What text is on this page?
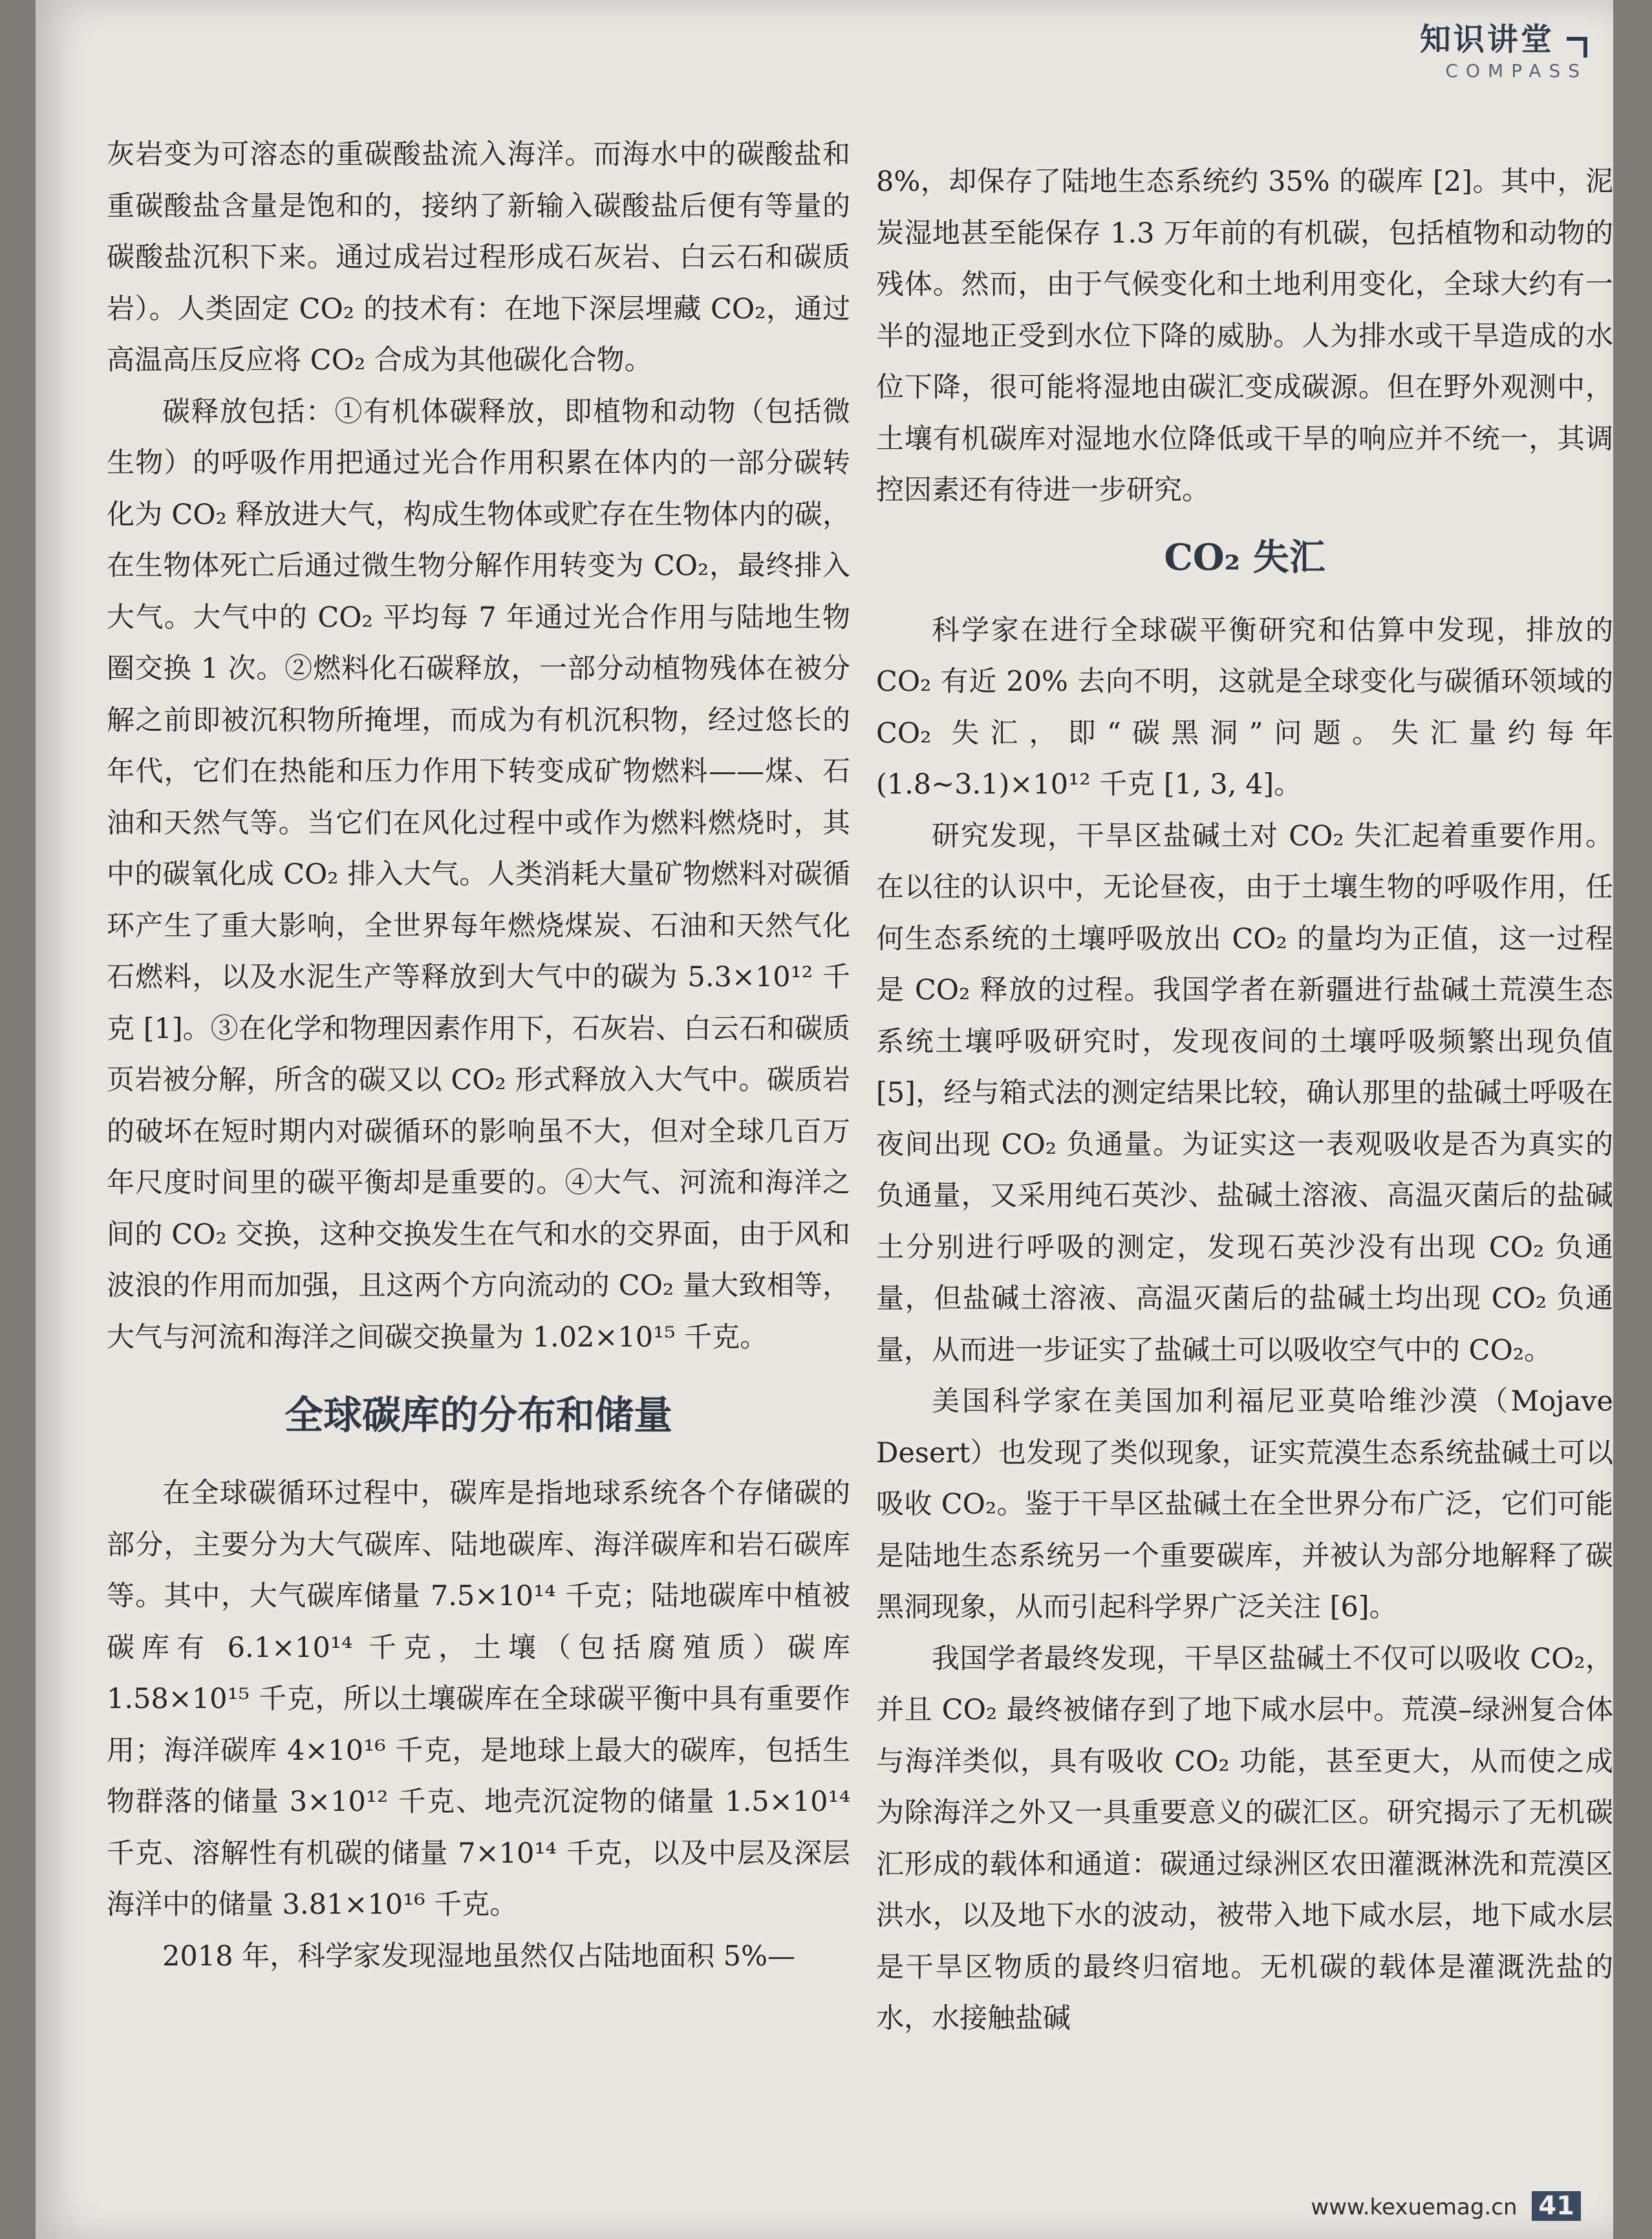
知识讲堂
COMPASS

灰岩变为可溶态的重碳酸盐流入海洋。而海水中的碳酸盐和重碳酸盐含量是饱和的，接纳了新输入碳酸盐后便有等量的碳酸盐沉积下来。通过成岩过程形成石灰岩、白云石和碳质岩）。人类固定 CO₂ 的技术有：在地下深层埋藏 CO₂，通过高温高压反应将 CO₂ 合成为其他碳化合物。

碳释放包括：①有机体碳释放，即植物和动物（包括微生物）的呼吸作用把通过光合作用积累在体内的一部分碳转化为 CO₂ 释放进大气，构成生物体或贮存在生物体内的碳，在生物体死亡后通过微生物分解作用转变为 CO₂，最终排入大气。大气中的 CO₂ 平均每 7 年通过光合作用与陆地生物圈交换 1 次。②燃料化石碳释放，一部分动植物残体在被分解之前即被沉积物所掩埋，而成为有机沉积物，经过悠长的年代，它们在热能和压力作用下转变成矿物燃料——煤、石油和天然气等。当它们在风化过程中或作为燃料燃烧时，其中的碳氧化成 CO₂ 排入大气。人类消耗大量矿物燃料对碳循环产生了重大影响，全世界每年燃烧煤炭、石油和天然气化石燃料，以及水泥生产等释放到大气中的碳为 5.3×10¹² 千克 [1]。③在化学和物理因素作用下，石灰岩、白云石和碳质页岩被分解，所含的碳又以 CO₂ 形式释放入大气中。碳质岩的破坏在短时期内对碳循环的影响虽不大，但对全球几百万年尺度时间里的碳平衡却是重要的。④大气、河流和海洋之间的 CO₂ 交换，这种交换发生在气和水的交界面，由于风和波浪的作用而加强，且这两个方向流动的 CO₂ 量大致相等，大气与河流和海洋之间碳交换量为 1.02×10¹⁵ 千克。

全球碳库的分布和储量

在全球碳循环过程中，碳库是指地球系统各个存储碳的部分，主要分为大气碳库、陆地碳库、海洋碳库和岩石碳库等。其中，大气碳库储量 7.5×10¹⁴ 千克；陆地碳库中植被碳库有 6.1×10¹⁴ 千克，土壤（包括腐殖质）碳库 1.58×10¹⁵ 千克，所以土壤碳库在全球碳平衡中具有重要作用；海洋碳库 4×10¹⁶ 千克，是地球上最大的碳库，包括生物群落的储量 3×10¹² 千克、地壳沉淀物的储量 1.5×10¹⁴ 千克、溶解性有机碳的储量 7×10¹⁴ 千克，以及中层及深层海洋中的储量 3.81×10¹⁶ 千克。

2018 年，科学家发现湿地虽然仅占陆地面积 5%—

8%，却保存了陆地生态系统约 35% 的碳库 [2]。其中，泥炭湿地甚至能保存 1.3 万年前的有机碳，包括植物和动物的残体。然而，由于气候变化和土地利用变化，全球大约有一半的湿地正受到水位下降的威胁。人为排水或干旱造成的水位下降，很可能将湿地由碳汇变成碳源。但在野外观测中，土壤有机碳库对湿地水位降低或干旱的响应并不统一，其调控因素还有待进一步研究。

CO₂ 失汇

科学家在进行全球碳平衡研究和估算中发现，排放的 CO₂ 有近 20% 去向不明，这就是全球变化与碳循环领域的 CO₂ 失汇，即“碳黑洞”问题。失汇量约每年 (1.8~3.1)×10¹² 千克 [1, 3, 4]。

研究发现，干旱区盐碱土对 CO₂ 失汇起着重要作用。在以往的认识中，无论昼夜，由于土壤生物的呼吸作用，任何生态系统的土壤呼吸放出 CO₂ 的量均为正值，这一过程是 CO₂ 释放的过程。我国学者在新疆进行盐碱土荒漠生态系统土壤呼吸研究时，发现夜间的土壤呼吸频繁出现负值 [5]，经与箱式法的测定结果比较，确认那里的盐碱土呼吸在夜间出现 CO₂ 负通量。为证实这一表观吸收是否为真实的负通量，又采用纯石英沙、盐碱土溶液、高温灭菌后的盐碱土分别进行呼吸的测定，发现石英沙没有出现 CO₂ 负通量，但盐碱土溶液、高温灭菌后的盐碱土均出现 CO₂ 负通量，从而进一步证实了盐碱土可以吸收空气中的 CO₂。

美国科学家在美国加利福尼亚莫哈维沙漠（Mojave Desert）也发现了类似现象，证实荒漠生态系统盐碱土可以吸收 CO₂。鉴于干旱区盐碱土在全世界分布广泛，它们可能是陆地生态系统另一个重要碳库，并被认为部分地解释了碳黑洞现象，从而引起科学界广泛关注 [6]。

我国学者最终发现，干旱区盐碱土不仅可以吸收 CO₂，并且 CO₂ 最终被储存到了地下咸水层中。荒漠–绿洲复合体与海洋类似，具有吸收 CO₂ 功能，甚至更大，从而使之成为除海洋之外又一具重要意义的碳汇区。研究揭示了无机碳汇形成的载体和通道：碳通过绿洲区农田灌溉淋洗和荒漠区洪水，以及地下水的波动，被带入地下咸水层，地下咸水层是干旱区物质的最终归宿地。无机碳的载体是灌溉洗盐的水，水接触盐碱

www.kexuemag.cn 41
